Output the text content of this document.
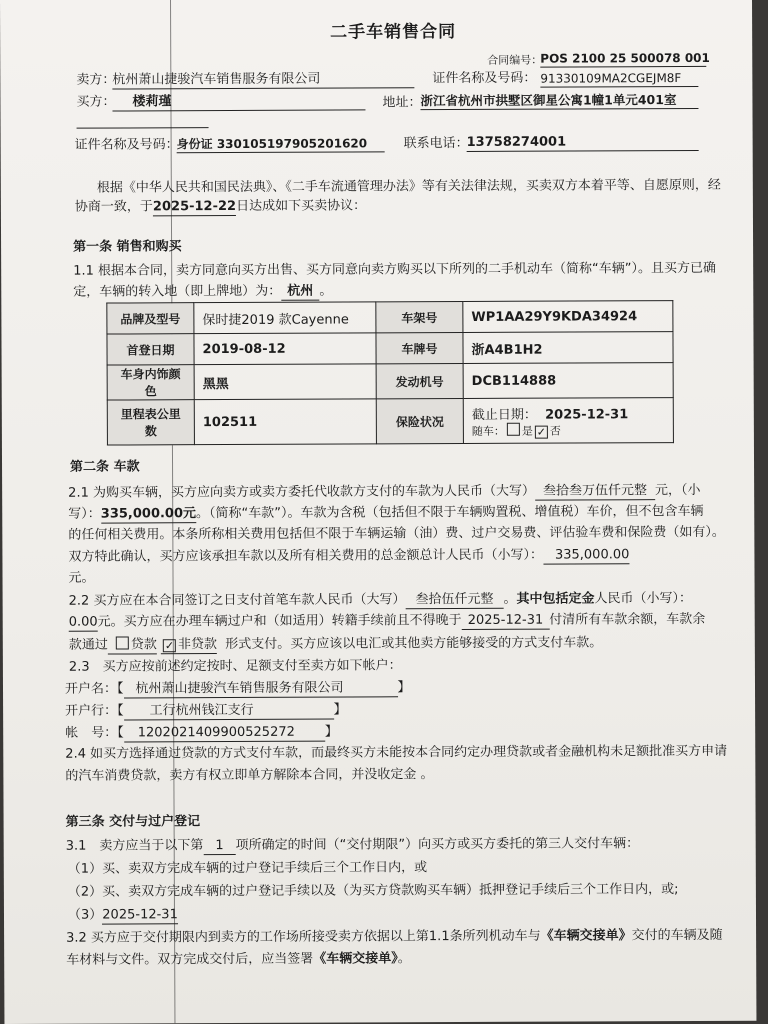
二手车销售合同
合同编号：
POS 2100 25 500078 001
卖方：
杭州萧山捷骏汽车销售服务有限公司	证件名称及号码： 91330109MA2CGEJM8F
买方：	楼莉瑾	地址：
浙江省杭州市拱墅区御星公寓1幢1单元401室
证件名称及号码：
身份证 330105197905201620	联系电话：
13758274001
根据《中华人民共和国民法典》、《二手车流通管理办法》等有关法律法规，买卖双方本着平等、自愿原则，经
协商一致，于2025-12-22日达成如下买卖协议：
第一条 销售和购买
1.1 根据本合同，卖方同意向买方出售、买方同意向卖方购买以下所列的二手机动车（简称“车辆”）。且买方已确
定，车辆的转入地（即上牌地）为： 杭州 。
品牌及型号	保时捷2019 款Cayenne	车架号	WP1AA29Y9KDA34924
首登日期	2019-08-12	车牌号	浙A4B1H2
车身内饰颜色	黑黑	发动机号	DCB114888
里程表公里数	102511	保险状况	截止日期： 2025-12-31
随车： 是 ✓ 否
第二条 车款
2.1 为购买车辆，买方应向卖方或卖方委托代收款方支付的车款为人民币（大写） 叁拾叁万伍仟元整 元，（小
写）：335,000.00元。（简称“车款”）。车款为含税（包括但不限于车辆购置税、增值税）车价，但不包含车辆
的任何相关费用。本条所称相关费用包括但不限于车辆运输（油）费、过户交易费、评估验车费和保险费（如有）。
双方特此确认，买方应该承担车款以及所有相关费用的总金额总计人民币（小写）： 335,000.00
元。
2.2 买方应在本合同签订之日支付首笔车款人民币（大写） 叁拾伍仟元整 。其中包括定金人民币（小写）：
0.00元。买方应在办理车辆过户和（如适用）转籍手续前且不得晚于 2025-12-31 付清所有车款余额，车款余
款通过 贷款 ✓ 非贷款 形式支付。买方应该以电汇或其他卖方能够接受的方式支付车款。
2.3　买方应按前述约定按时、足额支付至卖方如下帐户：
开户名：【 杭州萧山捷骏汽车销售服务有限公司	】
开户行：【 工行杭州钱江支行	】
帐　号：【 1202021409900525272 】
2.4 如买方选择通过贷款的方式支付车款，而最终买方未能按本合同约定办理贷款或者金融机构未足额批准买方申请
的汽车消费贷款，卖方有权立即单方解除本合同，并没收定金 。
第三条 交付与过户登记
3.1　卖方应当于以下第 1 项所确定的时间（“交付期限”）向买方或买方委托的第三人交付车辆：
（1）买、卖双方完成车辆的过户登记手续后三个工作日内，或
（2）买、卖双方完成车辆的过户登记手续以及（为买方贷款购买车辆）抵押登记手续后三个工作日内，或;
（3）2025-12-31
3.2 买方应于交付期限内到卖方的工作场所接受卖方依据以上第1.1条所列机动车与《车辆交接单》交付的车辆及随
车材料与文件。双方完成交付后，应当签署《车辆交接单》。
